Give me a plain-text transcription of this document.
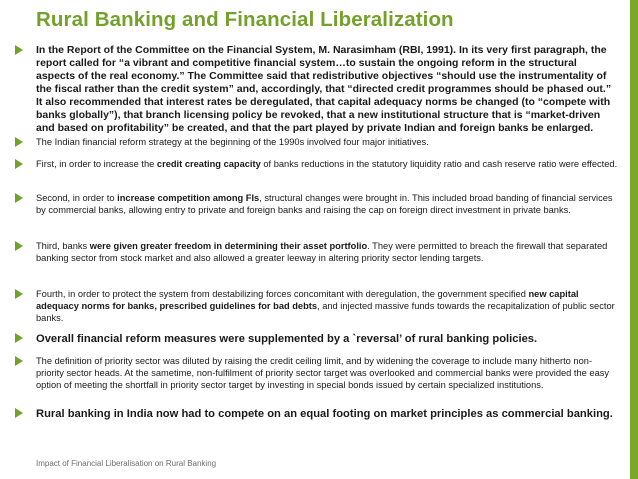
Rural Banking and Financial Liberalization
In the Report of the Committee on the Financial System, M. Narasimham (RBI, 1991). In its very first paragraph, the report called for “a vibrant and competitive financial system…to sustain the ongoing reform in the structural aspects of the real economy.” The Committee said that redistributive objectives “should use the instrumentality of the fiscal rather than the credit system” and, accordingly, that “directed credit programmes should be phased out.” It also recommended that interest rates be deregulated, that capital adequacy norms be changed (to “compete with banks globally”), that branch licensing policy be revoked, that a new institutional structure that is “market-driven and based on profitability” be created, and that the part played by private Indian and foreign banks be enlarged.
The Indian financial reform strategy at the beginning of the 1990s involved four major initiatives.
First, in order to increase the credit creating capacity of banks reductions in the statutory liquidity ratio and cash reserve ratio were effected.
Second, in order to increase competition among FIs, structural changes were brought in. This included broad banding of financial services by commercial banks, allowing entry to private and foreign banks and raising the cap on foreign direct investment in private banks.
Third, banks were given greater freedom in determining their asset portfolio. They were permitted to breach the firewall that separated banking sector from stock market and also allowed a greater leeway in altering priority sector lending targets.
Fourth, in order to protect the system from destabilizing forces concomitant with deregulation, the government specified new capital adequacy norms for banks, prescribed guidelines for bad debts, and injected massive funds towards the recapitalization of public sector banks.
Overall financial reform measures were supplemented by a `reversal’ of rural banking policies.
The definition of priority sector was diluted by raising the credit ceiling limit, and by widening the coverage to include many hitherto non-priority sector heads. At the sametime, non-fulfilment of priority sector target was overlooked and commercial banks were provided the easy option of meeting the shortfall in priority sector target by investing in special bonds issued by certain specialized institutions.
Rural banking in India now had to compete on an equal footing on market principles as commercial banking.
Impact of Financial Liberalisation on Rural Banking
